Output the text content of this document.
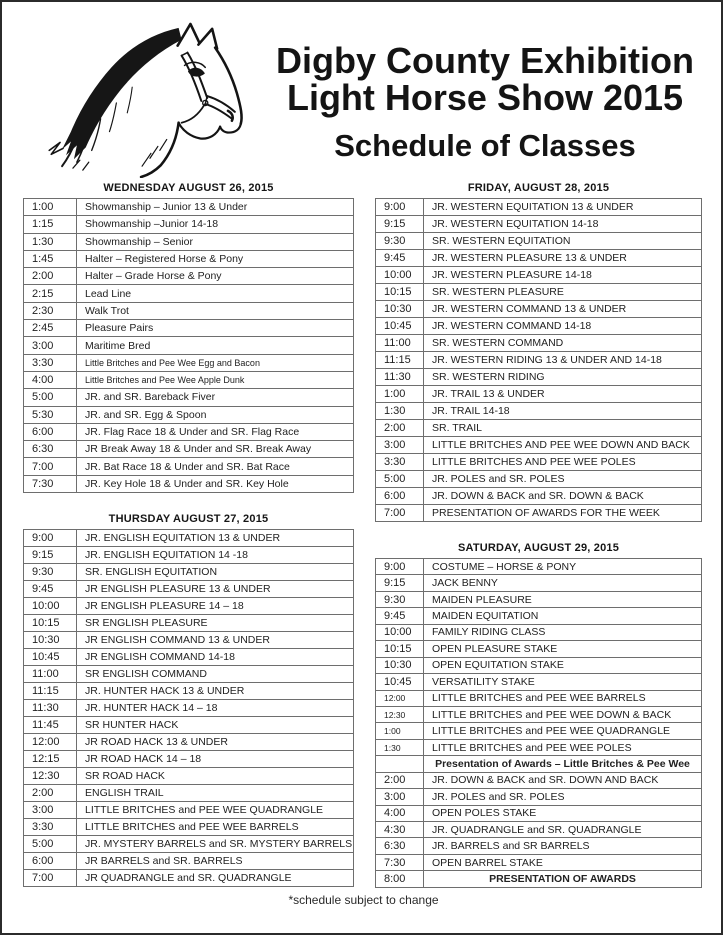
Digby County Exhibition
Light Horse Show 2015
Schedule of Classes
WEDNESDAY AUGUST 26, 2015
1:00	Showmanship – Junior 13 & Under
1:15	Showmanship –Junior 14-18
1:30	Showmanship – Senior
1:45	Halter – Registered Horse & Pony
2:00	Halter – Grade Horse & Pony
2:15	Lead Line
2:30	Walk Trot
2:45	Pleasure Pairs
3:00	Maritime Bred
3:30	Little Britches and Pee Wee Egg and Bacon
4:00	Little Britches and Pee Wee Apple Dunk
5:00	JR. and SR. Bareback Fiver
5:30	JR. and SR. Egg & Spoon
6:00	JR. Flag Race 18 & Under and SR. Flag Race
6:30	JR Break Away 18 & Under and SR. Break Away
7:00	JR. Bat Race 18 & Under and SR. Bat Race
7:30	JR. Key Hole 18 & Under and SR. Key Hole
THURSDAY AUGUST 27, 2015
9:00	JR. ENGLISH EQUITATION 13 & UNDER
9:15	JR. ENGLISH EQUITATION 14 -18
9:30	SR. ENGLISH EQUITATION
9:45	JR ENGLISH PLEASURE 13 & UNDER
10:00	JR ENGLISH PLEASURE 14 – 18
10:15	SR ENGLISH PLEASURE
10:30	JR ENGLISH COMMAND 13 & UNDER
10:45	JR ENGLISH COMMAND 14-18
11:00	SR ENGLISH COMMAND
11:15	JR. HUNTER HACK 13 & UNDER
11:30	JR. HUNTER HACK 14 – 18
11:45	SR HUNTER HACK
12:00	JR ROAD HACK 13 & UNDER
12:15	JR ROAD HACK 14 – 18
12:30	SR ROAD HACK
2:00	ENGLISH TRAIL
3:00	LITTLE BRITCHES and PEE WEE QUADRANGLE
3:30	LITTLE BRITCHES and PEE WEE BARRELS
5:00	JR. MYSTERY BARRELS and SR. MYSTERY BARRELS
6:00	JR BARRELS and SR. BARRELS
7:00	JR QUADRANGLE and SR. QUADRANGLE
FRIDAY, AUGUST 28, 2015
9:00	JR. WESTERN EQUITATION 13 & UNDER
9:15	JR. WESTERN EQUITATION 14-18
9:30	SR. WESTERN EQUITATION
9:45	JR. WESTERN PLEASURE 13 & UNDER
10:00	JR. WESTERN PLEASURE 14-18
10:15	SR. WESTERN PLEASURE
10:30	JR. WESTERN COMMAND 13 & UNDER
10:45	JR. WESTERN COMMAND 14-18
11:00	SR. WESTERN COMMAND
11:15	JR. WESTERN RIDING 13 & UNDER AND 14-18
11:30	SR. WESTERN RIDING
1:00	JR. TRAIL 13 & UNDER
1:30	JR. TRAIL 14-18
2:00	SR. TRAIL
3:00	LITTLE BRITCHES AND PEE WEE DOWN AND BACK
3:30	LITTLE BRITCHES AND PEE WEE POLES
5:00	JR. POLES and SR. POLES
6:00	JR. DOWN & BACK and SR. DOWN & BACK
7:00	PRESENTATION OF AWARDS FOR THE WEEK
SATURDAY, AUGUST 29, 2015
9:00	COSTUME – HORSE & PONY
9:15	JACK BENNY
9:30	MAIDEN PLEASURE
9:45	MAIDEN EQUITATION
10:00	FAMILY RIDING CLASS
10:15	OPEN PLEASURE STAKE
10:30	OPEN EQUITATION STAKE
10:45	VERSATILITY STAKE
12:00	LITTLE BRITCHES and PEE WEE BARRELS
12:30	LITTLE BRITCHES and PEE WEE DOWN & BACK
1:00	LITTLE BRITCHES and PEE WEE QUADRANGLE
1:30	LITTLE BRITCHES and PEE WEE POLES
	Presentation of Awards – Little Britches & Pee Wee
2:00	JR. DOWN & BACK and SR. DOWN AND BACK
3:00	JR. POLES and SR. POLES
4:00	OPEN POLES STAKE
4:30	JR. QUADRANGLE and SR. QUADRANGLE
6:30	JR. BARRELS and SR BARRELS
7:30	OPEN BARREL STAKE
8:00	PRESENTATION OF AWARDS
*schedule subject to change
